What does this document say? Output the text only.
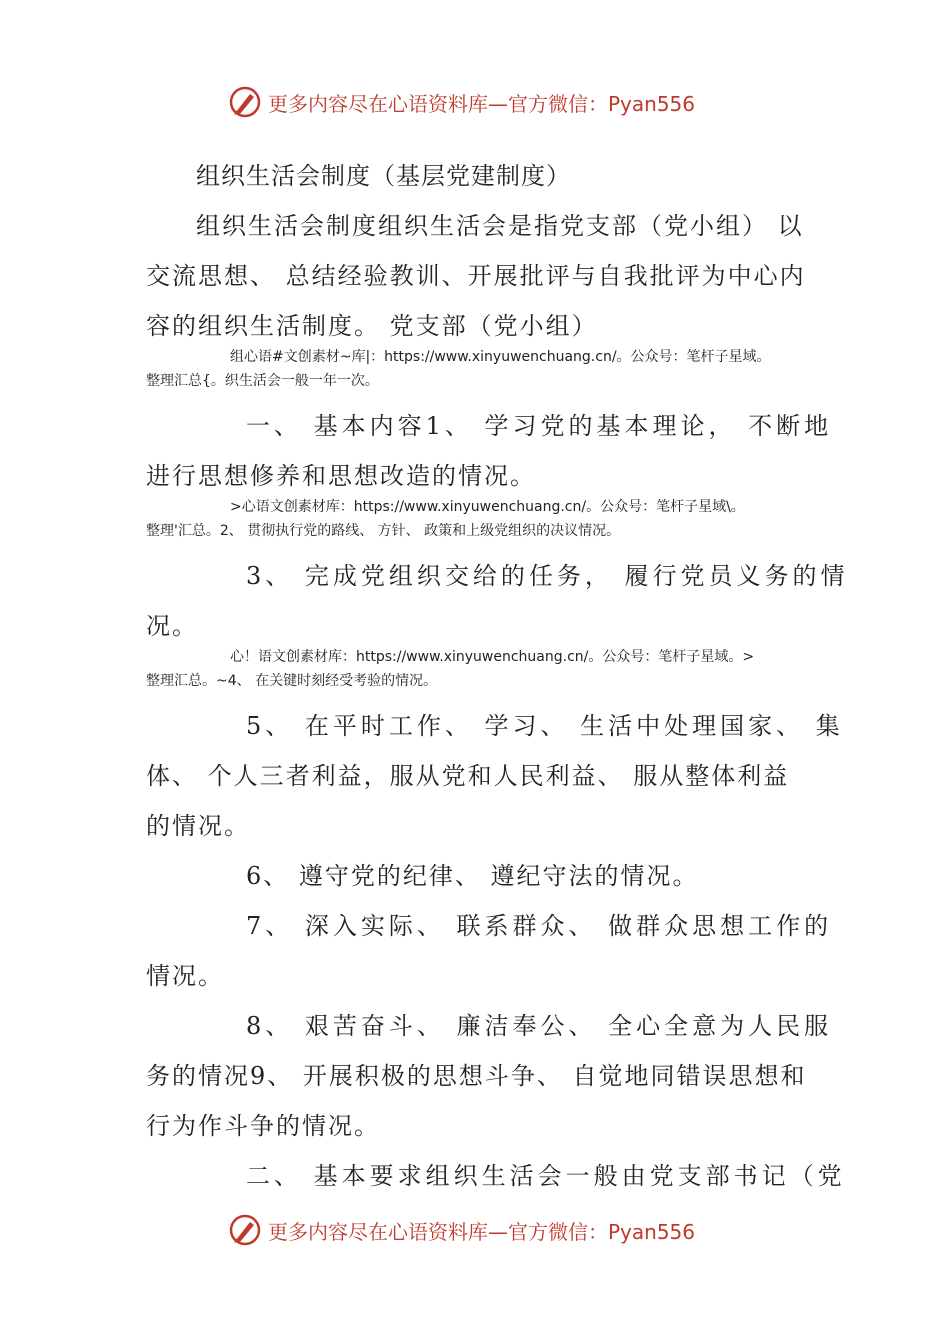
更多内容尽在心语资料库—官方微信：Pyan556
组织生活会制度（基层党建制度）
组织生活会制度组织生活会是指党支部（党小组） 以
交流思想、 总结经验教训、开展批评与自我批评为中心内
容的组织生活制度。 党支部（党小组）
组心语#文创素材~库|：https://www.xinyuwenchuang.cn/。公众号：笔杆子星域。
整理汇总{。织生活会一般一年一次。
一、 基本内容1、 学习党的基本理论， 不断地
进行思想修养和思想改造的情况。
>心语文创素材库：https://www.xinyuwenchuang.cn/。公众号：笔杆子星域\。
整理'汇总。2、 贯彻执行党的路线、 方针、 政策和上级党组织的决议情况。
3、 完成党组织交给的任务， 履行党员义务的情
况。
心！语文创素材库：https://www.xinyuwenchuang.cn/。公众号：笔杆子星域。>
整理汇总。~4、 在关键时刻经受考验的情况。
5、 在平时工作、 学习、 生活中处理国家、 集
体、 个人三者利益，服从党和人民利益、 服从整体利益
的情况。
6、 遵守党的纪律、 遵纪守法的情况。
7、 深入实际、 联系群众、 做群众思想工作的
情况。
8、 艰苦奋斗、 廉洁奉公、 全心全意为人民服
务的情况9、 开展积极的思想斗争、 自觉地同错误思想和
行为作斗争的情况。
二、 基本要求组织生活会一般由党支部书记（党
更多内容尽在心语资料库—官方微信：Pyan556
